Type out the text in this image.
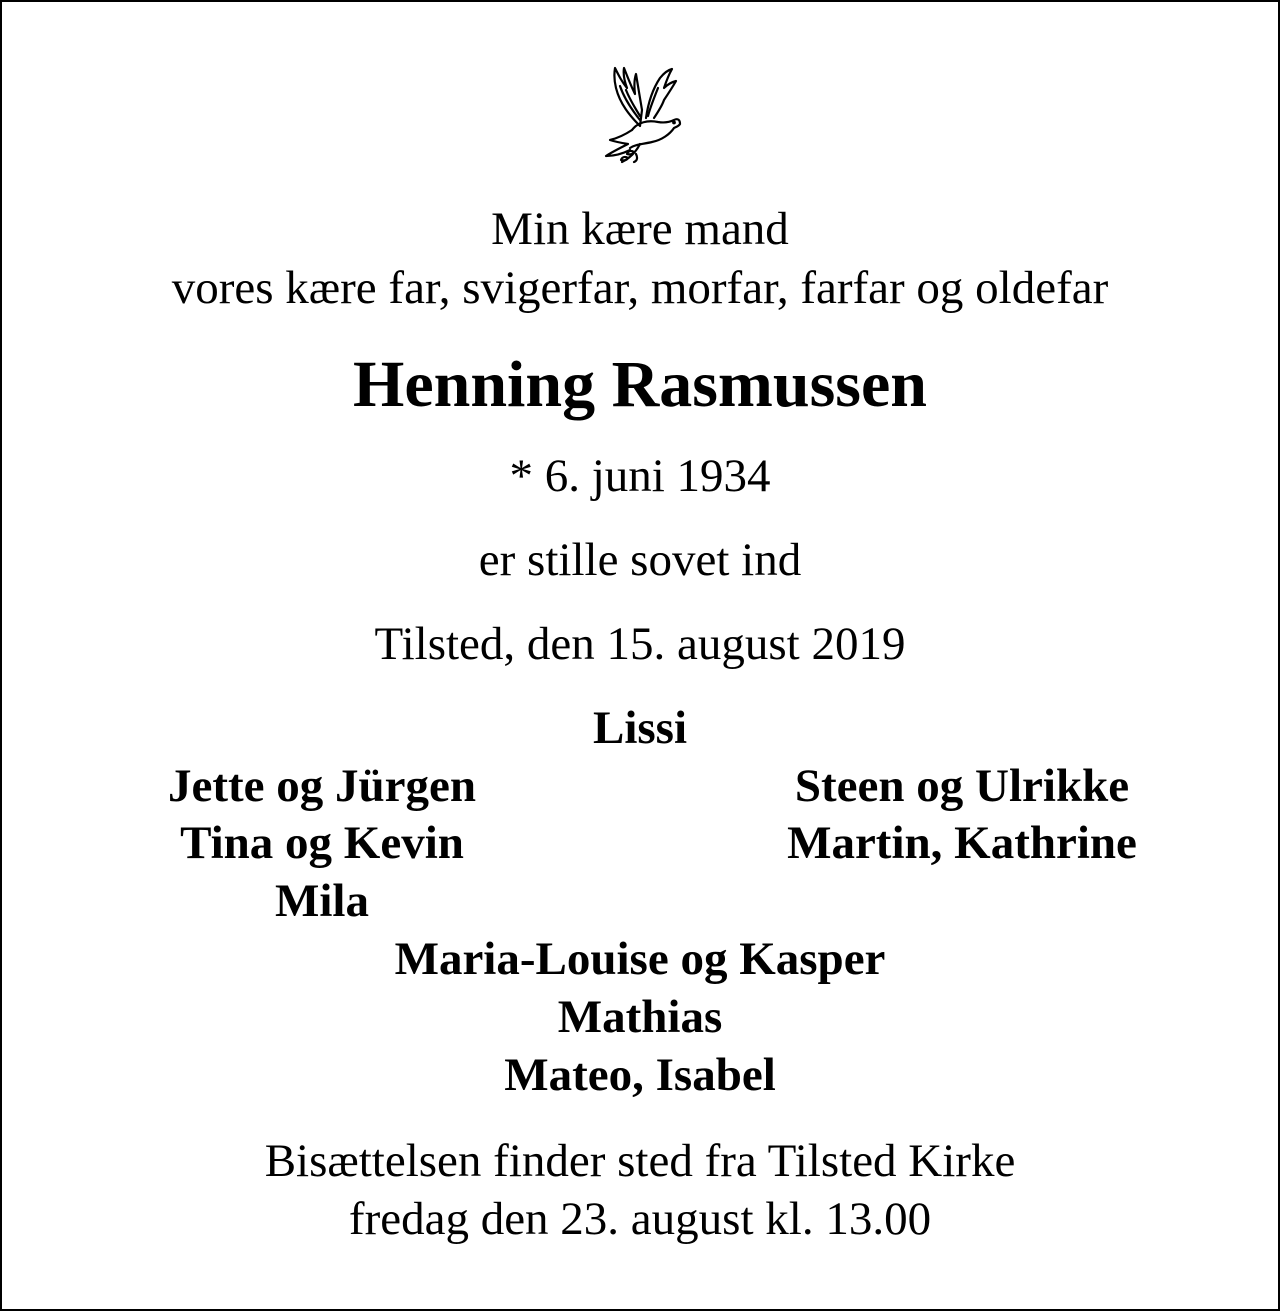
Min kære mand
vores kære far, svigerfar, morfar, farfar og oldefar
Henning Rasmussen
* 6. juni 1934
er stille sovet ind
Tilsted, den 15. august 2019
Lissi
Jette og Jürgen
Tina og Kevin
Mila
Steen og Ulrikke
Martin, Kathrine
Maria-Louise og Kasper
Mathias
Mateo, Isabel
Bisættelsen finder sted fra Tilsted Kirke
fredag den 23. august kl. 13.00
